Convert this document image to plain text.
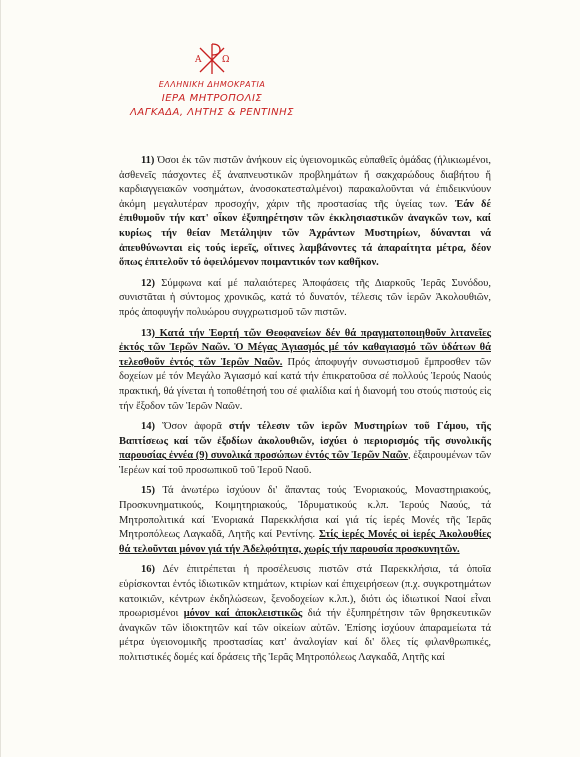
A Ω
ΕΛΛΗΝΙΚΗ ΔΗΜΟΚΡΑΤΙΑ
ΙΕΡΑ ΜΗΤΡΟΠΟΛΙΣ
ΛΑΓΚΑΔΑ, ΛΗΤΗΣ & ΡΕΝΤΙΝΗΣ

11) Όσοι ἐκ τῶν πιστῶν ἀνήκουν εἰς ὑγειονομικῶς εὐπαθεῖς ὁμάδας (ἡλικιωμένοι, ἀσθενεῖς πάσχοντες ἐξ ἀναπνευστικῶν προβλημάτων ἤ σακχαρώδους διαβήτου ἤ καρδιαγγειακῶν νοσημάτων, ἀνοσοκατεσταλμένοι) παρακαλοῦνται νά ἐπιδεικνύουν ἀκόμη μεγαλυτέραν προσοχήν, χάριν τῆς προστασίας τῆς ὑγείας των. Ἐάν δέ ἐπιθυμοῦν τήν κατ' οἶκον ἐξυπηρέτησιν τῶν ἐκκλησιαστικῶν ἀναγκῶν των, καί κυρίως τήν θείαν Μετάληψιν τῶν Ἀχράντων Μυστηρίων, δύνανται νά ἀπευθύνωνται εἰς τούς ἱερεῖς, οἵτινες λαμβάνοντες τά ἀπαραίτητα μέτρα, δέον ὅπως ἐπιτελοῦν τό ὀφειλόμενον ποιμαντικόν των καθῆκον.

12) Σύμφωνα καί μέ παλαιότερες Ἀποφάσεις τῆς Διαρκοῦς Ἱερᾶς Συνόδου, συνιστᾶται ἡ σύντομος χρονικῶς, κατά τό δυνατόν, τέλεσις τῶν ἱερῶν Ἀκολουθιῶν, πρός ἀποφυγήν πολυώρου συγχρωτισμοῦ τῶν πιστῶν.

13) Κατά τήν Ἑορτή τῶν Θεοφανείων δέν θά πραγματοποιηθοῦν λιτανεῖες ἐκτός τῶν Ἱερῶν Ναῶν. Ὁ Μέγας Ἁγιασμός μέ τόν καθαγιασμό τῶν ὑδάτων θά τελεσθοῦν ἐντός τῶν Ἱερῶν Ναῶν. Πρός ἀποφυγήν συνωστισμοῦ ἔμπροσθεν τῶν δοχείων μέ τόν Μεγάλο Ἁγιασμό καί κατά τήν ἐπικρατοῦσα σέ πολλούς Ἱερούς Ναούς πρακτική, θά γίνεται ἡ τοποθέτησή του σέ φιαλίδια καί ἡ διανομή του στούς πιστούς εἰς τήν ἔξοδον τῶν Ἱερῶν Ναῶν.

14) Ὅσον ἀφορᾶ στήν τέλεσιν τῶν ἱερῶν Μυστηρίων τοῦ Γάμου, τῆς Βαπτίσεως καί τῶν ἐξοδίων ἀκολουθιῶν, ἰσχύει ὁ περιορισμός τῆς συνολικῆς παρουσίας ἐννέα (9) συνολικά προσώπων ἐντός τῶν Ἱερῶν Ναῶν, ἐξαιρουμένων τῶν Ἱερέων καί τοῦ προσωπικοῦ τοῦ Ἱεροῦ Ναοῦ.

15) Τά ἀνωτέρω ἰσχύουν δι' ἅπαντας τούς Ἐνοριακούς, Μοναστηριακούς, Προσκυνηματικούς, Κοιμητηριακούς, Ἱδρυματικούς κ.λπ. Ἱερούς Ναούς, τά Μητροπολιτικά καί Ἐνοριακά Παρεκκλήσια καί γιά τίς ἱερές Μονές τῆς Ἱερᾶς Μητροπόλεως Λαγκαδᾶ, Λητῆς καί Ρεντίνης. Στίς ἱερές Μονές οἱ ἱερές Ἀκολουθίες θά τελοῦνται μόνον γιά τήν Ἀδελφότητα, χωρίς τήν παρουσία προσκυνητῶν.

16) Δέν ἐπιτρέπεται ἡ προσέλευσις πιστῶν στά Παρεκκλήσια, τά ὁποῖα εὑρίσκονται ἐντός ἰδιωτικῶν κτημάτων, κτιρίων καί ἐπιχειρήσεων (π.χ. συγκροτημάτων κατοικιῶν, κέντρων ἐκδηλώσεων, ξενοδοχείων κ.λπ.), διότι ὡς ἰδιωτικοί Ναοί εἶναι προωρισμένοι μόνον καί ἀποκλειστικῶς διά τήν ἐξυπηρέτησιν τῶν θρησκευτικῶν ἀναγκῶν τῶν ἰδιοκτητῶν καί τῶν οἰκείων αὐτῶν. Ἐπίσης ἰσχύουν ἀπαραμείωτα τά μέτρα ὑγειονομικῆς προστασίας κατ' ἀναλογίαν καί δι' ὅλες τίς φιλανθρωπικές, πολιτιστικές δομές καί δράσεις τῆς Ἱερᾶς Μητροπόλεως Λαγκαδᾶ, Λητῆς καί
